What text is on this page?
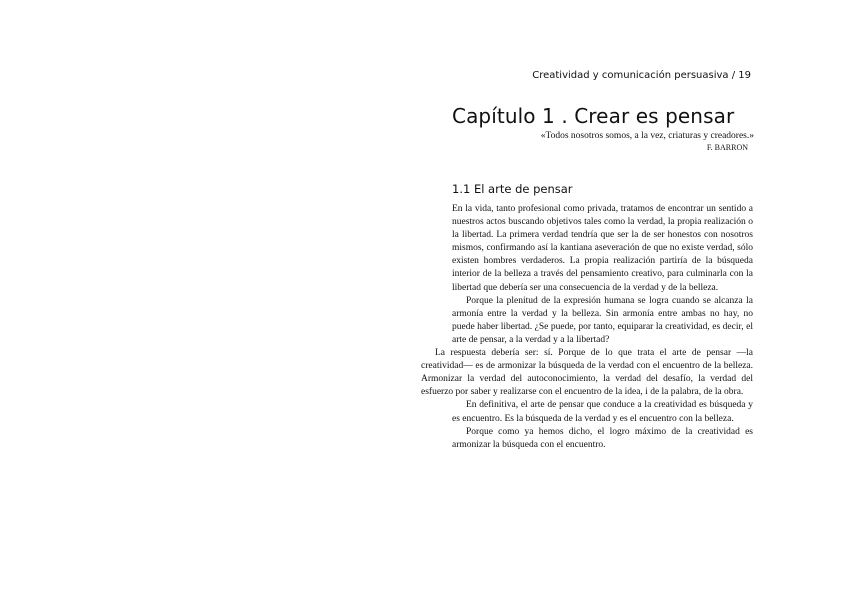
Creatividad y comunicación persuasiva / 19
Capítulo 1 . Crear es pensar
«Todos nosotros somos, a la vez, criaturas y creadores.»
F. BARRON
1.1 El arte de pensar

En la vida, tanto profesional como privada, tratamos de encontrar un sentido a nuestros actos buscando objetivos tales como la verdad, la propia realización o la libertad. La primera verdad tendría que ser la de ser honestos con nosotros mismos, confirmando así la kantiana aseveración de que no existe verdad, sólo existen hombres verdaderos. La propia realización partiría de la búsqueda interior de la belleza a través del pensamiento creativo, para culminarla con la libertad que debería ser una consecuencia de la verdad y de la belleza.

Porque la plenitud de la expresión humana se logra cuando se alcanza la armonía entre la verdad y la belleza. Sin armonía entre ambas no hay, no puede haber libertad. ¿Se puede, por tanto, equiparar la creatividad, es decir, el arte de pensar, a la verdad y a la libertad?

La respuesta debería ser: sí. Porque de lo que trata el arte de pensar —la creatividad— es de armonizar la búsqueda de la verdad con el encuentro de la belleza. Armonizar la verdad del autoconocimiento, la verdad del desafío, la verdad del esfuerzo por saber y realizarse con el encuentro de la idea, i de la palabra, de la obra.

En definitiva, el arte de pensar que conduce a la creatividad es búsqueda y es encuentro. Es la búsqueda de la verdad y es el encuentro con la belleza.

Porque como ya hemos dicho, el logro máximo de la creatividad es armonizar la búsqueda con el encuentro.
